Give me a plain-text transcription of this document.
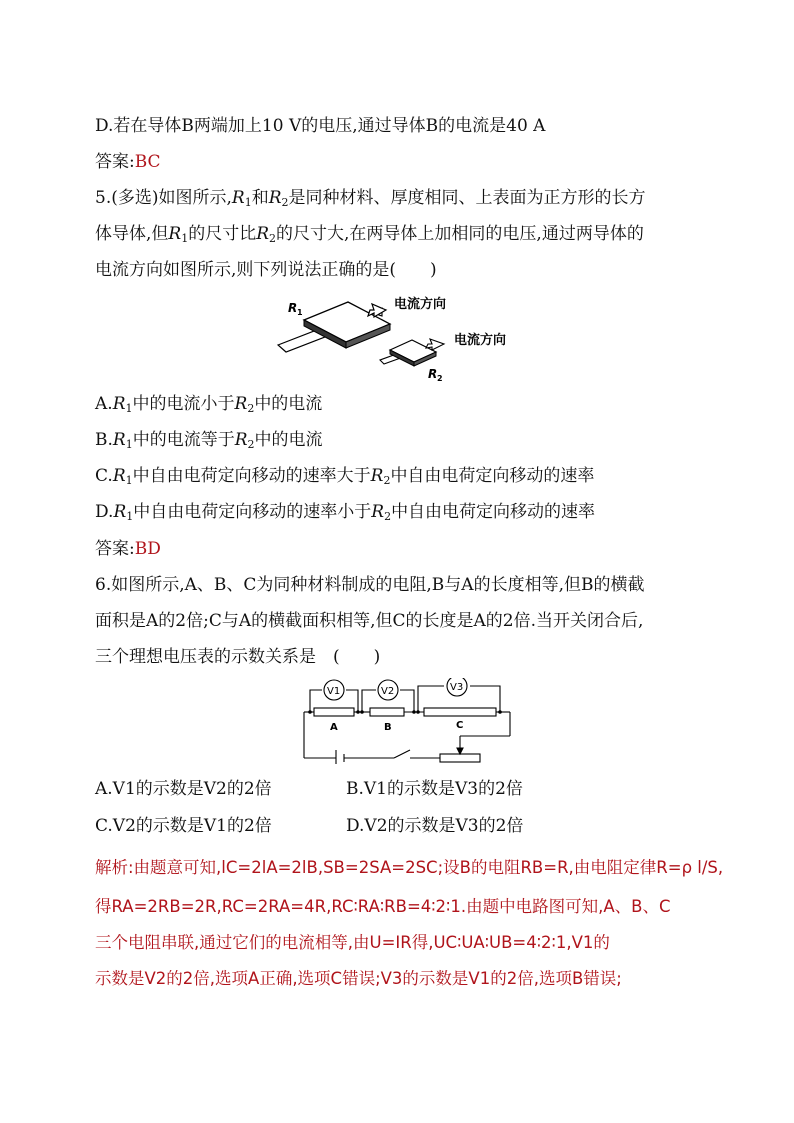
D.若在导体B两端加上10 V的电压,通过导体B的电流是40 A
答案:BC
5.(多选)如图所示$,R_1$和$R_2$是同种材料、厚度相同、上表面为正方形的长方
体导体,但$R_1$的尺寸比$R_2$的尺寸大,在两导体上加相同的电压,通过两导体的
电流方向如图所示,则下列说法正确的是(　　)
R 1
电流方向
电流方向
R 2
$A.R_1$中的电流小于$R_2$中的电流
$B.R_1$中的电流等于$R_2$中的电流
$C.R_1$中自由电荷定向移动的速率大于$R_2$中自由电荷定向移动的速率
$D.R_1$中自由电荷定向移动的速率小于$R_2$中自由电荷定向移动的速率
答案:BD
6.如图所示,A、B、C为同种材料制成的电阻,B与A的长度相等,但B的横截
面积是A的2倍;C与A的横截面积相等,但C的长度是A的2倍.当开关闭合后,
三个理想电压表的示数关系是　(　　)
V1	V2	V3
A	B	C
A.V1的示数是V2的2倍	B.V1的示数是V3的2倍
C.V2的示数是V1的2倍	D.V2的示数是V3的2倍
解析:由题意可知,lC=2lA=2lB,SB=2SA=2SC;设B的电阻RB=R,由电阻定律R=ρ l/S,
得RA=2RB=2R,RC=2RA=4R,RC∶RA∶RB=4∶2∶1.由题中电路图可知,A、B、C
三个电阻串联,通过它们的电流相等,由U=IR得,UC∶UA∶UB=4∶2∶1,V1的
示数是V2的2倍,选项A正确,选项C错误;V3的示数是V1的2倍,选项B错误;
